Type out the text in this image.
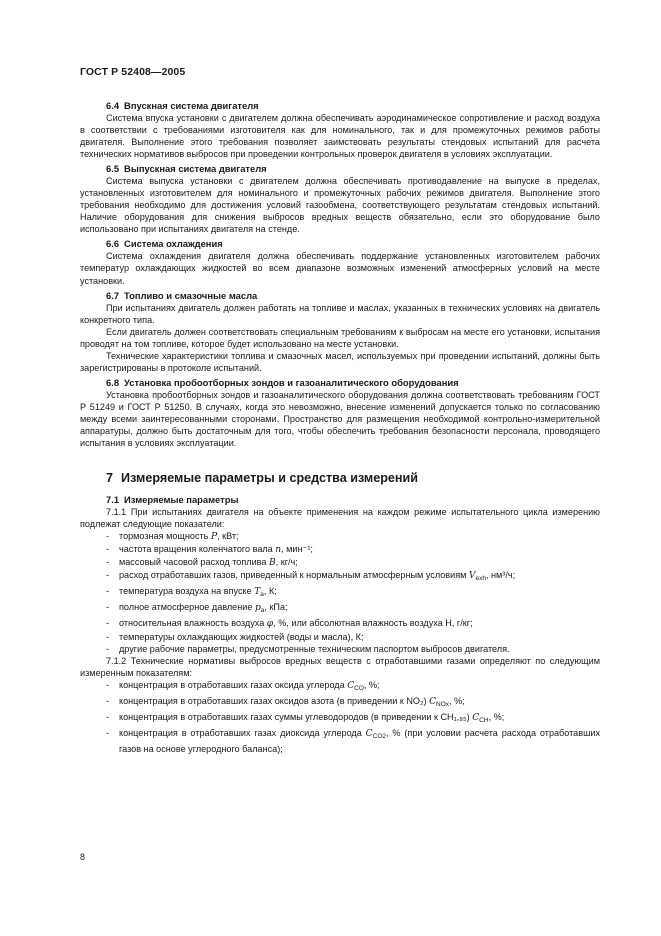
ГОСТ Р 52408—2005
6.4 Впускная система двигателя

Система впуска установки с двигателем должна обеспечивать аэродинамическое сопротивление и расход воздуха в соответствии с требованиями изготовителя как для номинального, так и для промежуточных режимов работы двигателя. Выполнение этого требования позволяет заимствовать результаты стендовых испытаний для расчета технических нормативов выбросов при проведении контрольных проверок двигателя в условиях эксплуатации.

6.5 Выпускная система двигателя

Система выпуска установки с двигателем должна обеспечивать противодавление на выпуске в пределах, установленных изготовителем для номинального и промежуточных рабочих режимов двигателя. Выполнение этого требования необходимо для достижения условий газообмена, соответствующего результатам стендовых испытаний. Наличие оборудования для снижения выбросов вредных веществ обязательно, если это оборудование было использовано при испытаниях двигателя на стенде.

6.6 Система охлаждения

Система охлаждения двигателя должна обеспечивать поддержание установленных изготовителем рабочих температур охлаждающих жидкостей во всем диапазоне возможных изменений атмосферных условий на месте установки.

6.7 Топливо и смазочные масла

При испытаниях двигатель должен работать на топливе и маслах, указанных в технических условиях на двигатель конкретного типа.

Если двигатель должен соответствовать специальным требованиям к выбросам на месте его установки, испытания проводят на том топливе, которое будет использовано на месте установки.

Технические характеристики топлива и смазочных масел, используемых при проведении испытаний, должны быть зарегистрированы в протоколе испытаний.

6.8 Установка пробоотборных зондов и газоаналитического оборудования

Установка пробоотборных зондов и газоаналитического оборудования должна соответствовать требованиям ГОСТ Р 51249 и ГОСТ Р 51250. В случаях, когда это невозможно, внесение изменений допускается только по согласованию между всеми заинтересованными сторонами. Пространство для размещения необходимой контрольно-измерительной аппаратуры, должно быть достаточным для того, чтобы обеспечить требования безопасности персонала, проводящего испытания в условиях эксплуатации.

7 Измеряемые параметры и средства измерений
7.1 Измеряемые параметры

7.1.1 При испытаниях двигателя на объекте применения на каждом режиме испытательного цикла измерению подлежат следующие показатели:

- тормозная мощность P, кВт;
- частота вращения коленчатого вала n, мин⁻¹;
- массовый часовой расход топлива B, кг/ч;
- расход отработавших газов, приведенный к нормальным атмосферным условиям $V_{exh}$, нм³/ч;
- температура воздуха на впуске $T_a$, К;
- полное атмосферное давление $p_a$, кПа;
- относительная влажность воздуха φ, %, или абсолютная влажность воздуха H, г/кг;
- температуры охлаждающих жидкостей (воды и масла), К;
- другие рабочие параметры, предусмотренные техническим паспортом выбросов двигателя.

7.1.2 Технические нормативы выбросов вредных веществ с отработавшими газами определяют по следующим измеренным показателям:

- концентрация в отработавших газах оксида углерода $C_{CO}$, %;
- концентрация в отработавших газах оксидов азота (в приведении к NO₂) $C_{NOx}$, %;
- концентрация в отработавших газах суммы углеводородов (в приведении к CH₁,₈₅) $C_{CH}$, %;
- концентрация в отработавших газах диоксида углерода $C_{CO2}$, % (при условии расчета расхода отработавших газов на основе углеродного баланса);
8
